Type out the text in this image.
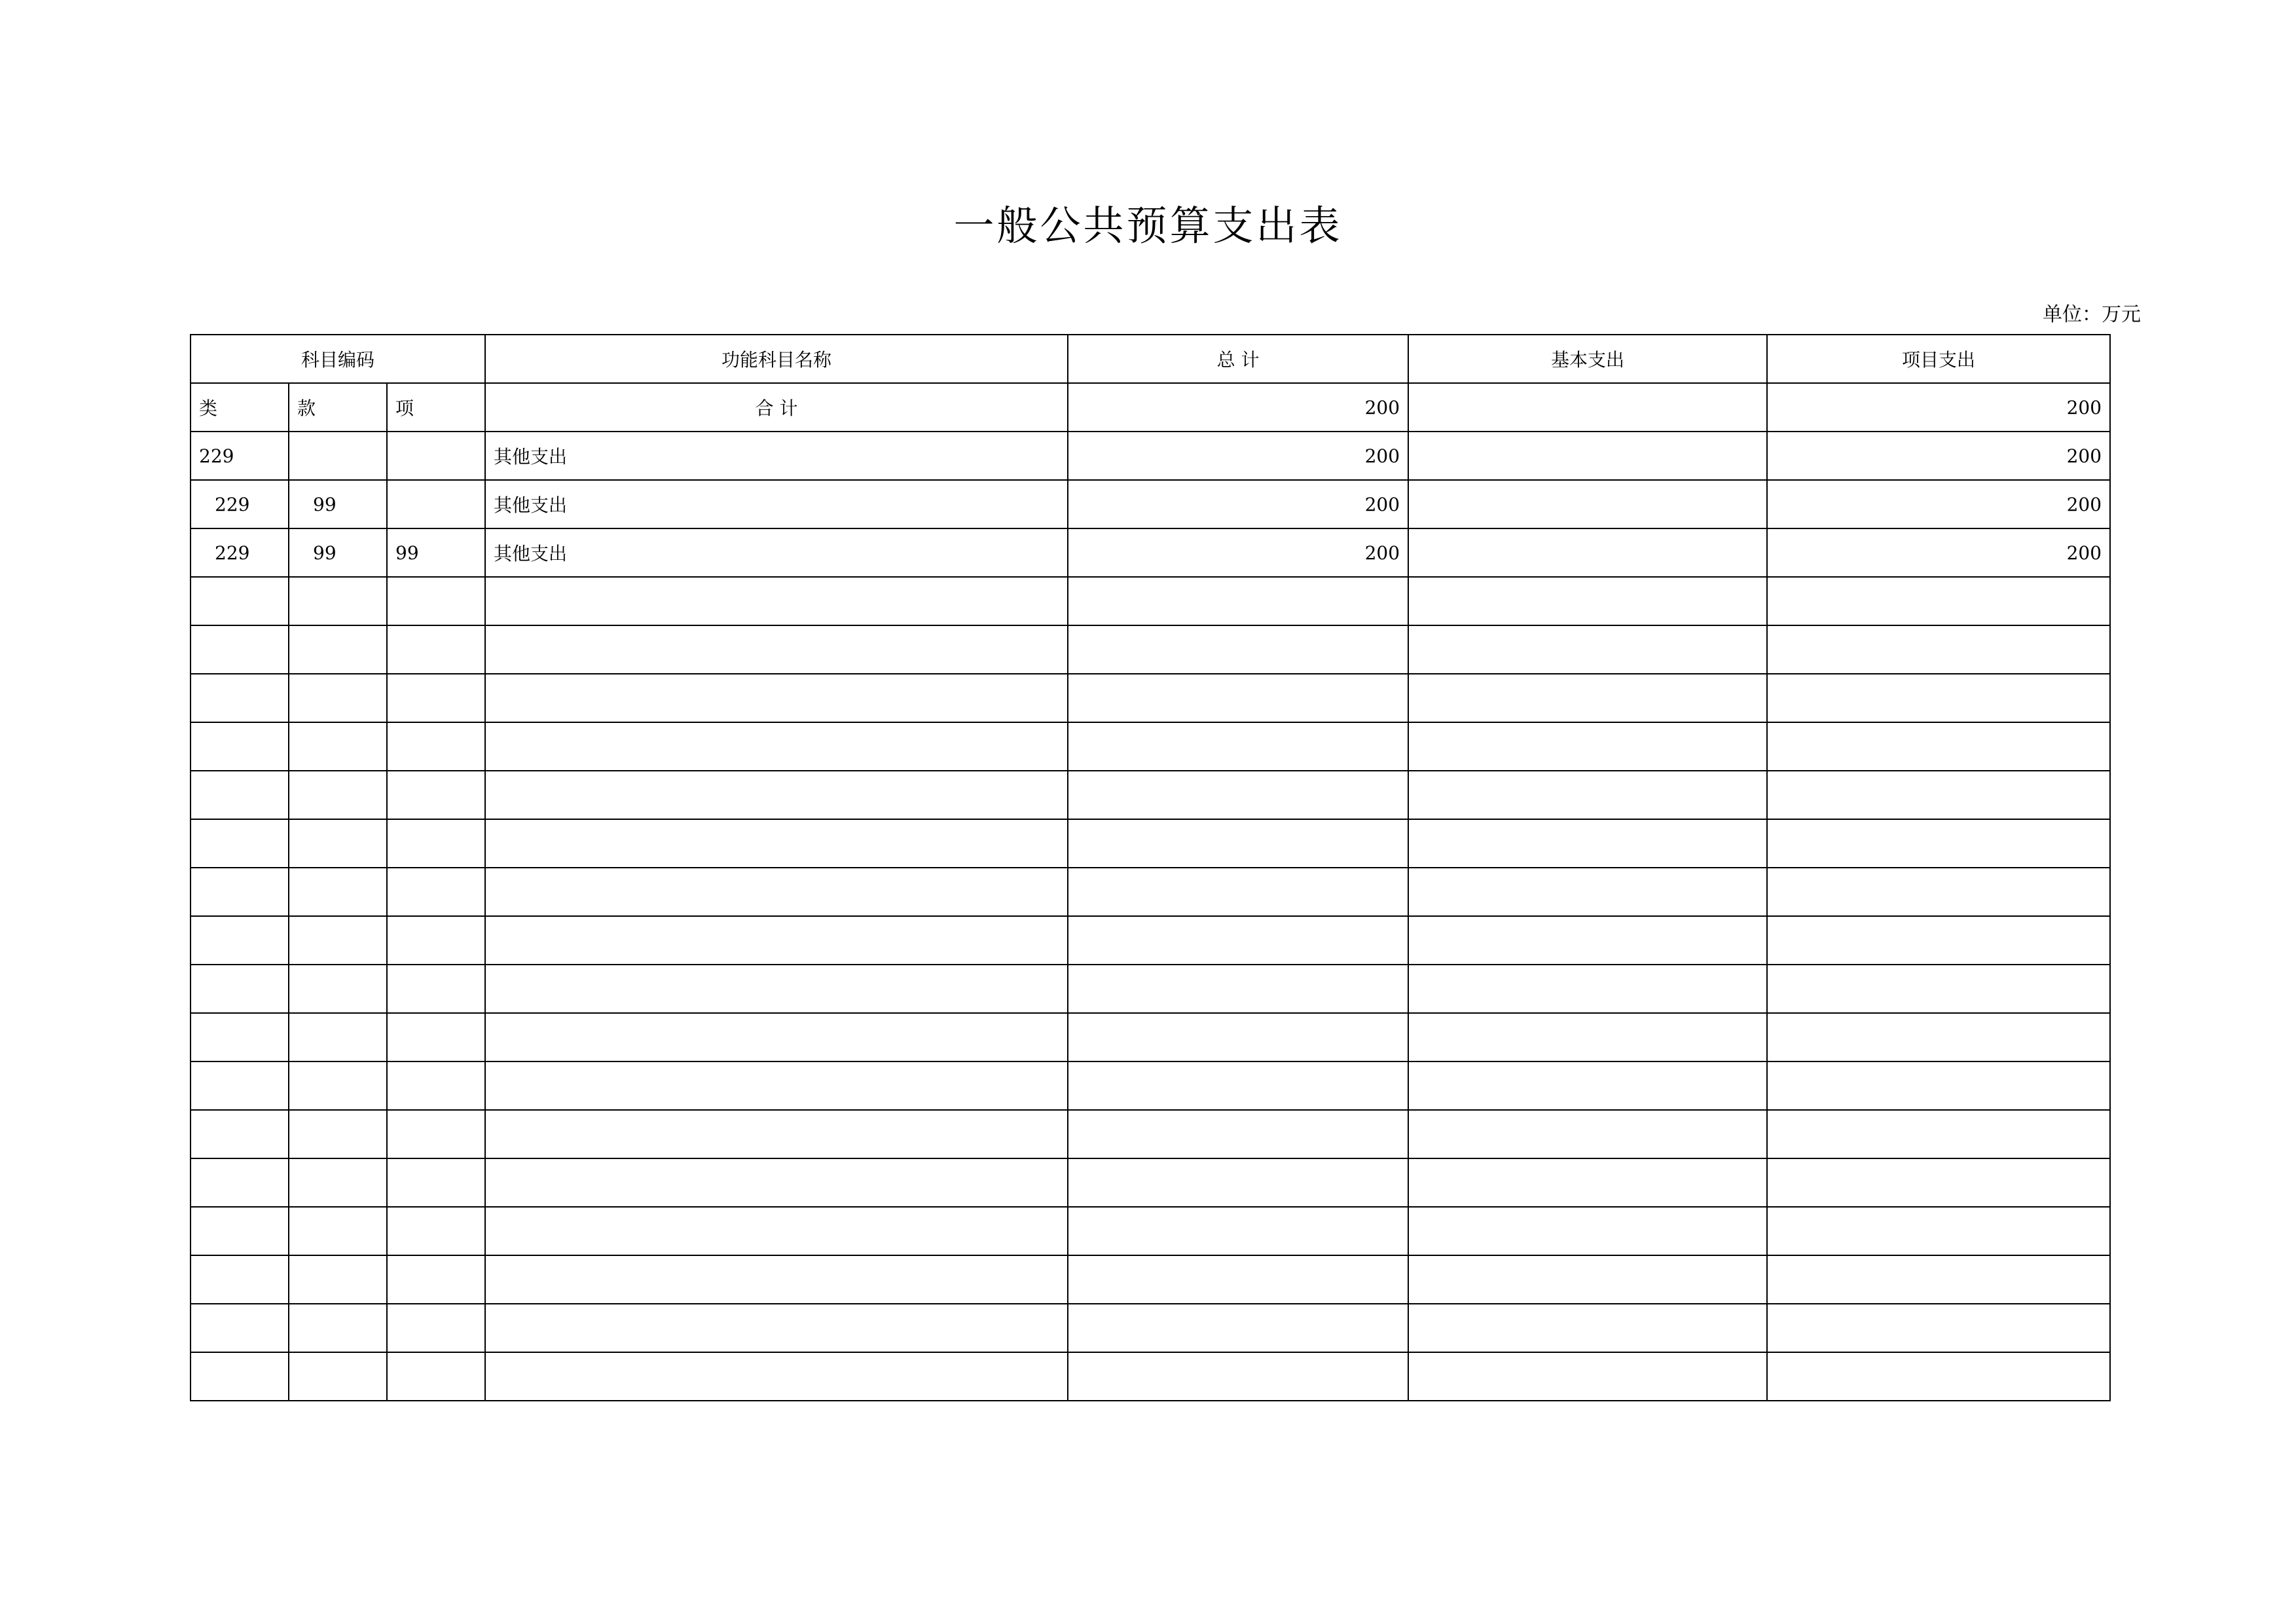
一般公共预算支出表
单位：万元
科目编码			功能科目名称	总 计	基本支出	项目支出
类	款	项	合 计	200		200
229			其他支出	200		200
229	99		其他支出	200		200
229	99	99	其他支出	200		200
